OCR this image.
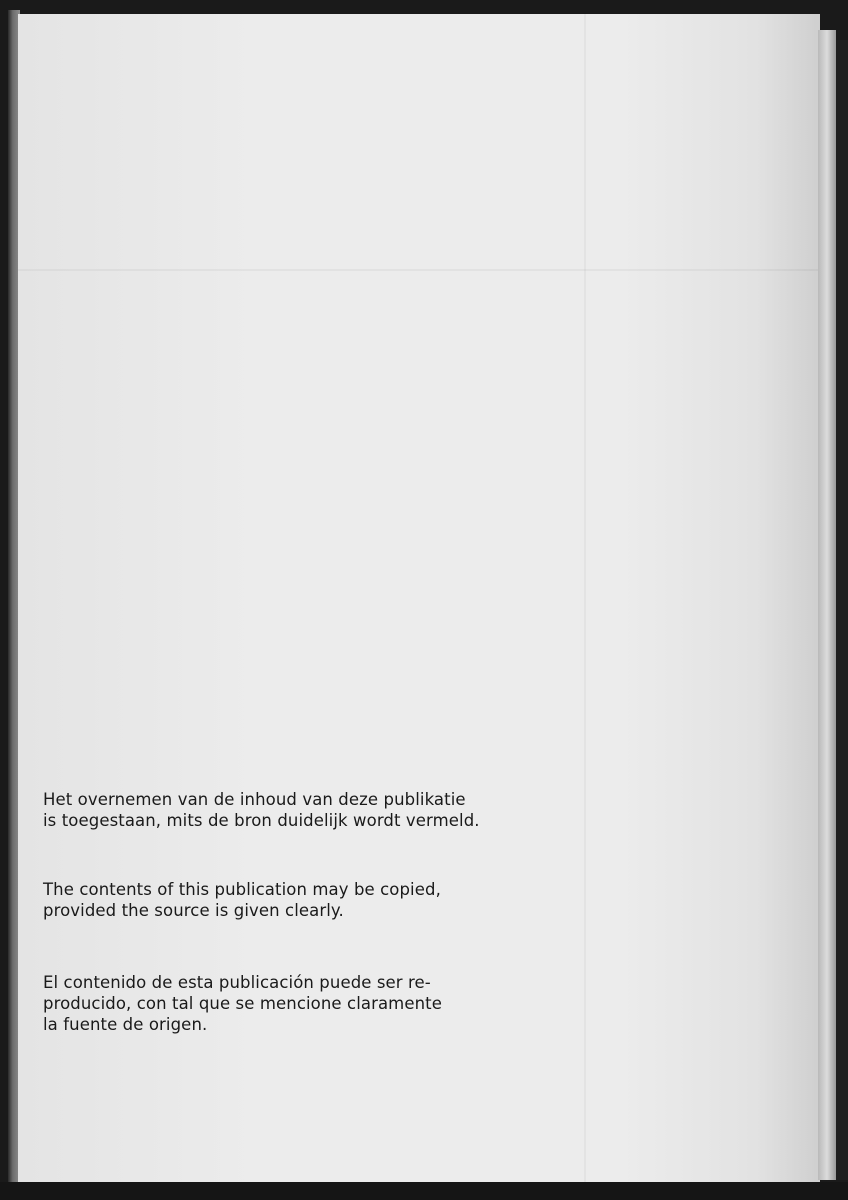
Het overnemen van de inhoud van deze publikatie

is toegestaan, mits de bron duidelijk wordt vermeld.

The contents of this publication may be copied,

provided the source is given clearly.

El contenido de esta publicación puede ser re-

producido, con tal que se mencione claramente

la fuente de origen.
